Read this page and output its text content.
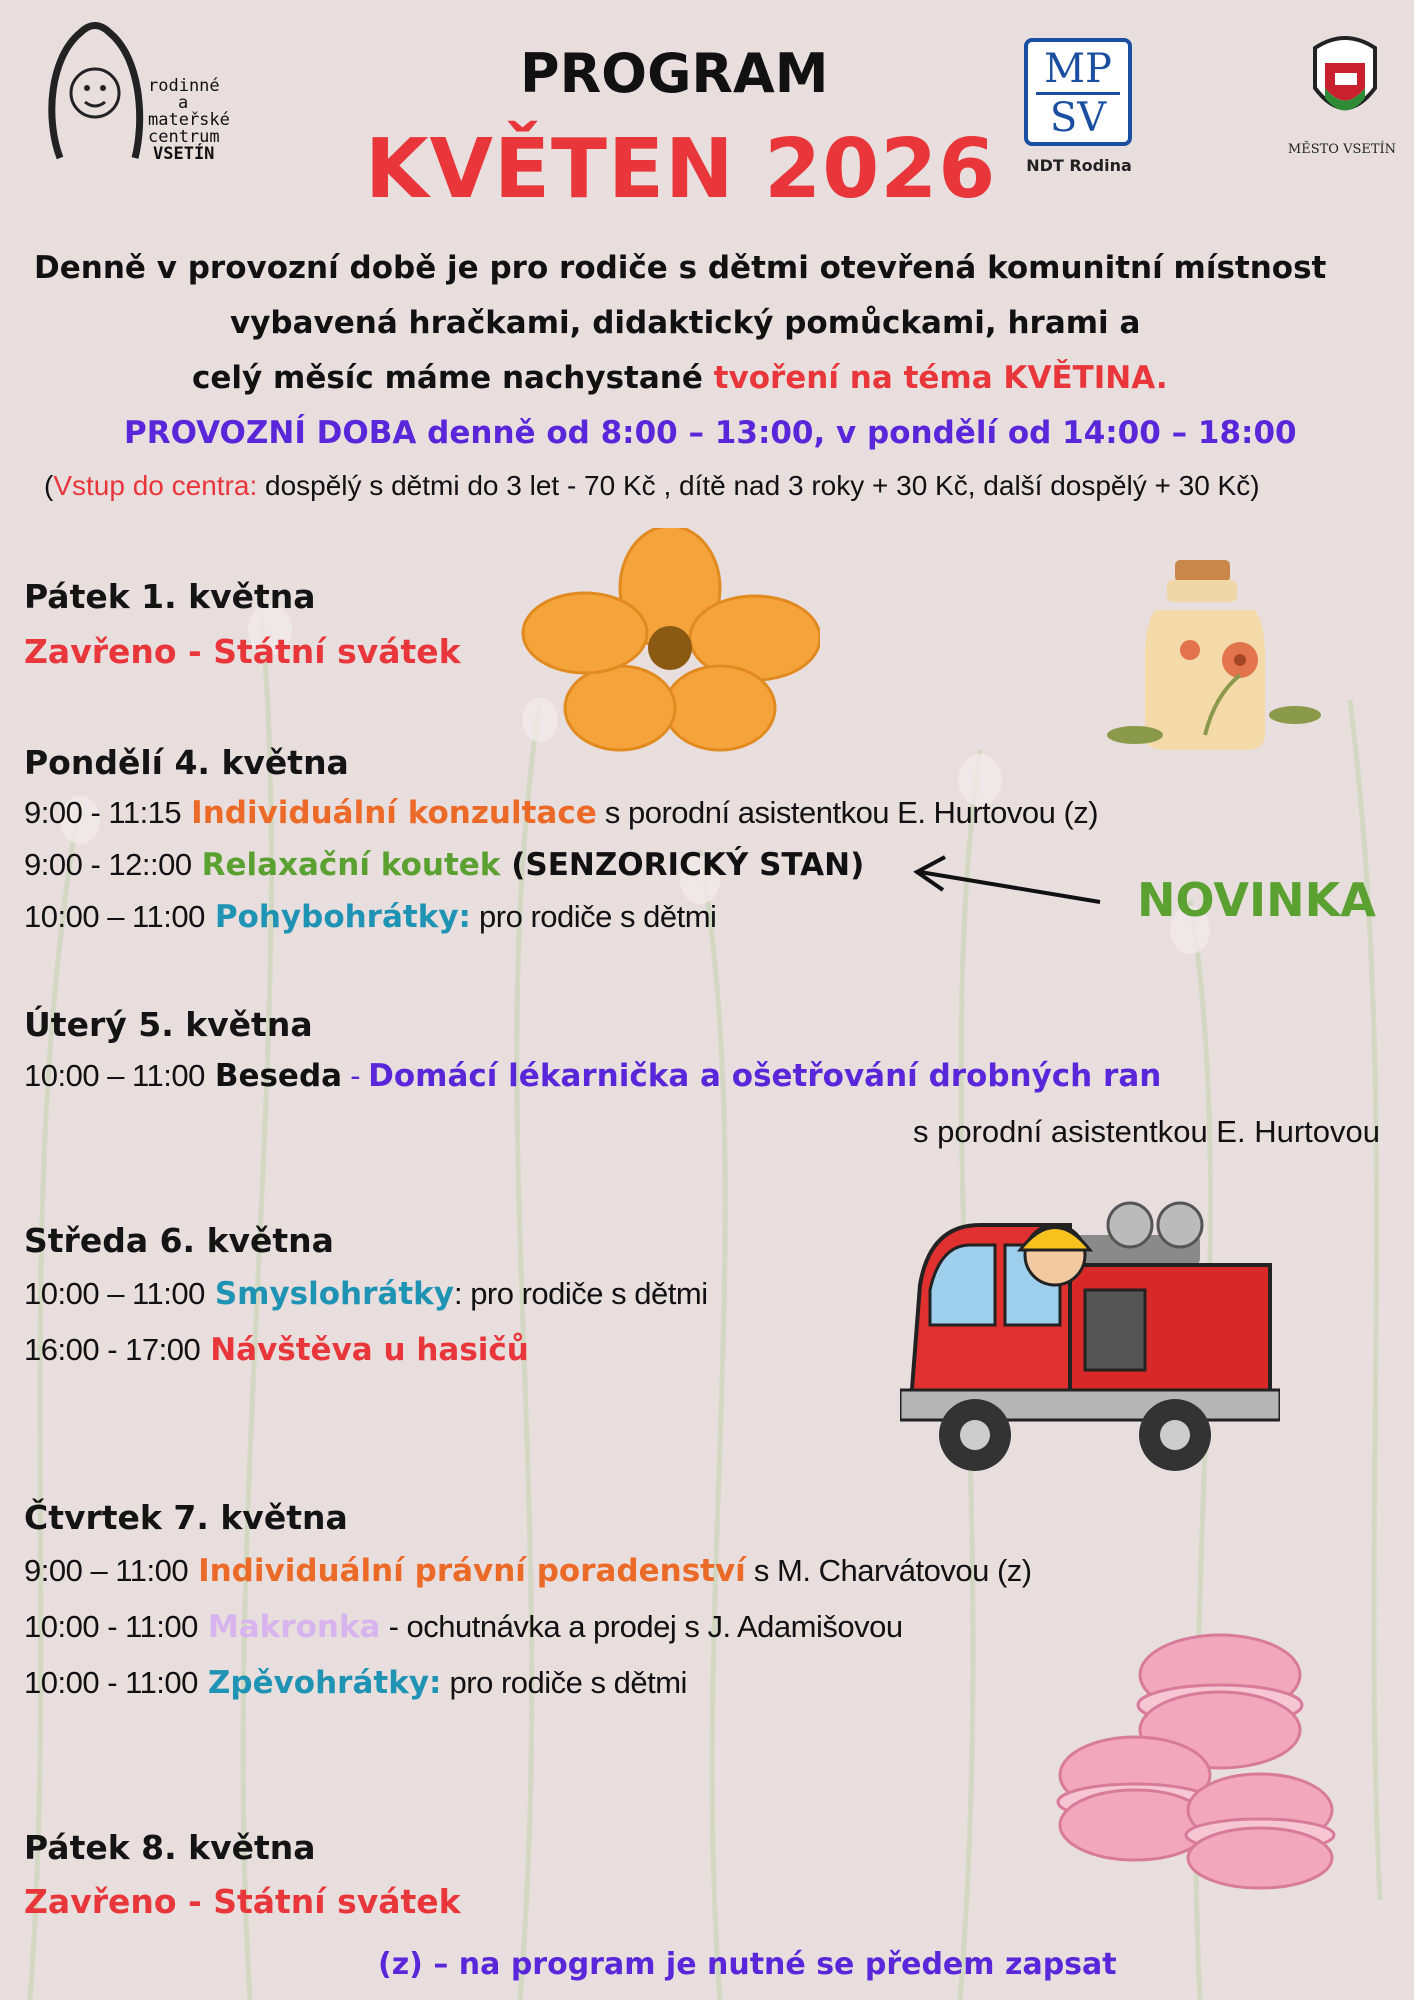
rodinné
a
mateřské
centrum
VSETÍN
PROGRAM
KVĚTEN 2026
MP
SV
NDT Rodina
MĚSTO VSETÍN
Denně v provozní době je pro rodiče s dětmi otevřená komunitní místnost
vybavená hračkami, didaktický pomůckami, hrami a
celý měsíc máme nachystané tvoření na téma KVĚTINA.
PROVOZNÍ DOBA denně od 8:00 – 13:00, v pondělí od 14:00 – 18:00
(Vstup do centra: dospělý s dětmi do 3 let - 70 Kč , dítě nad 3 roky + 30 Kč, další dospělý + 30 Kč)
Pátek 1. května
Zavřeno - Státní svátek
Pondělí 4. května
9:00 - 11:15 Individuální konzultace s porodní asistentkou E. Hurtovou (z)
9:00 - 12::00 Relaxační koutek (SENZORICKÝ STAN)
10:00 – 11:00 Pohybohrátky: pro rodiče s dětmi	NOVINKA
Úterý 5. května
10:00 – 11:00 Beseda - Domácí lékarnička a ošetřování drobných ran
s porodní asistentkou E. Hurtovou
Středa 6. května
10:00 – 11:00 Smyslohrátky: pro rodiče s dětmi
16:00 - 17:00 Návštěva u hasičů
Čtvrtek 7. května
9:00 – 11:00 Individuální právní poradenství s M. Charvátovou (z)
10:00 - 11:00 Makronka - ochutnávka a prodej s J. Adamišovou
10:00 - 11:00 Zpěvohrátky: pro rodiče s dětmi
Pátek 8. května
Zavřeno - Státní svátek
(z) – na program je nutné se předem zapsat
